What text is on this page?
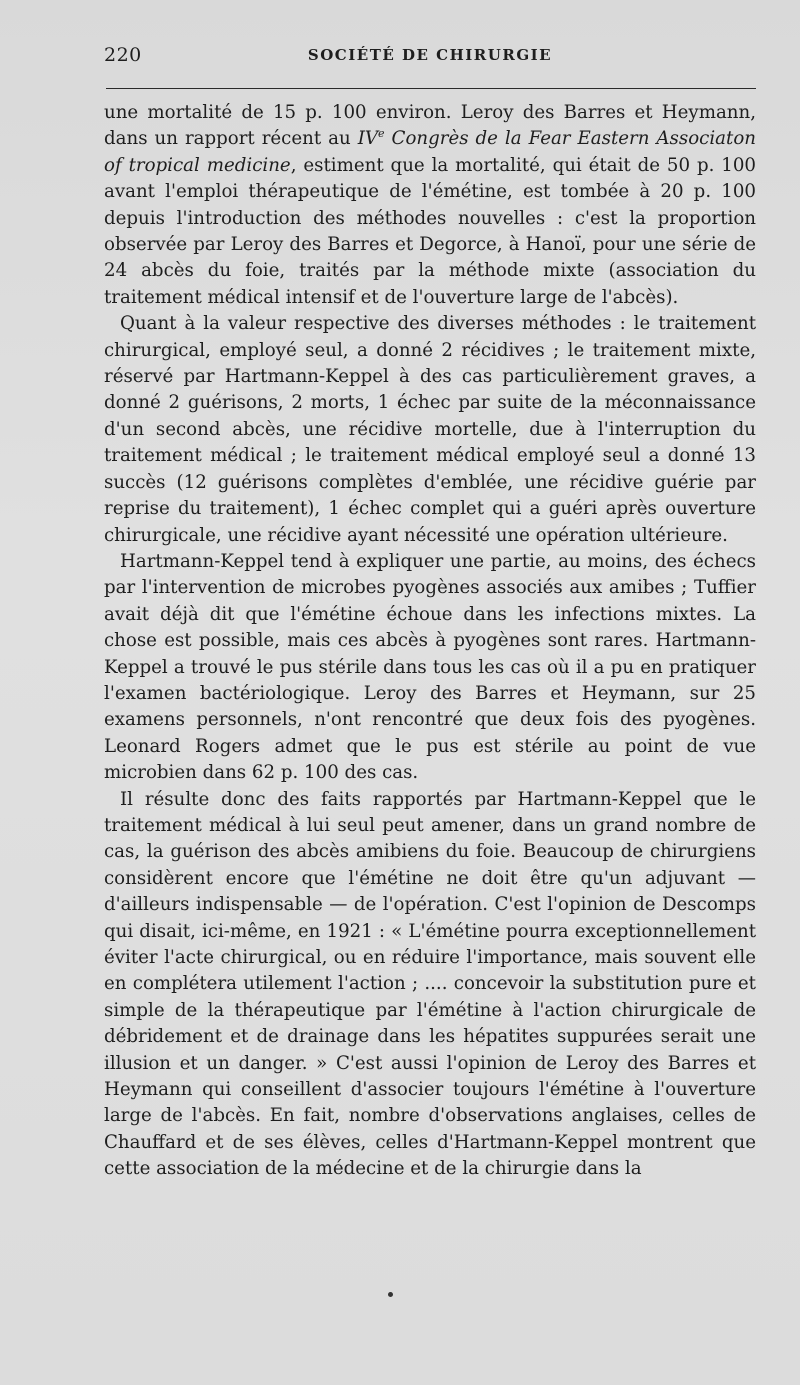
220	SOCIÉTÉ DE CHIRURGIE

une mortalité de 15 p. 100 environ. Leroy des Barres et Heymann, dans un rapport récent au IVe Congrès de la Fear Eastern Associaton of tropical medicine, estiment que la mortalité, qui était de 50 p. 100 avant l'emploi thérapeutique de l'émétine, est tombée à 20 p. 100 depuis l'introduction des méthodes nouvelles : c'est la proportion observée par Leroy des Barres et Degorce, à Hanoï, pour une série de 24 abcès du foie, traités par la méthode mixte (association du traitement médical intensif et de l'ouverture large de l'abcès).

Quant à la valeur respective des diverses méthodes : le traitement chirurgical, employé seul, a donné 2 récidives ; le traitement mixte, réservé par Hartmann-Keppel à des cas particulièrement graves, a donné 2 guérisons, 2 morts, 1 échec par suite de la méconnaissance d'un second abcès, une récidive mortelle, due à l'interruption du traitement médical ; le traitement médical employé seul a donné 13 succès (12 guérisons complètes d'emblée, une récidive guérie par reprise du traitement), 1 échec complet qui a guéri après ouverture chirurgicale, une récidive ayant nécessité une opération ultérieure.

Hartmann-Keppel tend à expliquer une partie, au moins, des échecs par l'intervention de microbes pyogènes associés aux amibes ; Tuffier avait déjà dit que l'émétine échoue dans les infections mixtes. La chose est possible, mais ces abcès à pyogènes sont rares. Hartmann-Keppel a trouvé le pus stérile dans tous les cas où il a pu en pratiquer l'examen bactériologique. Leroy des Barres et Heymann, sur 25 examens personnels, n'ont rencontré que deux fois des pyogènes. Leonard Rogers admet que le pus est stérile au point de vue microbien dans 62 p. 100 des cas.

Il résulte donc des faits rapportés par Hartmann-Keppel que le traitement médical à lui seul peut amener, dans un grand nombre de cas, la guérison des abcès amibiens du foie. Beaucoup de chirurgiens considèrent encore que l'émétine ne doit être qu'un adjuvant — d'ailleurs indispensable — de l'opération. C'est l'opinion de Descomps qui disait, ici-même, en 1921 : « L'émétine pourra exceptionnellement éviter l'acte chirurgical, ou en réduire l'importance, mais souvent elle en complétera utilement l'action ; .... concevoir la substitution pure et simple de la thérapeutique par l'émétine à l'action chirurgicale de débridement et de drainage dans les hépatites suppurées serait une illusion et un danger. » C'est aussi l'opinion de Leroy des Barres et Heymann qui conseillent d'associer toujours l'émétine à l'ouverture large de l'abcès. En fait, nombre d'observations anglaises, celles de Chauffard et de ses élèves, celles d'Hartmann-Keppel montrent que cette association de la médecine et de la chirurgie dans la
